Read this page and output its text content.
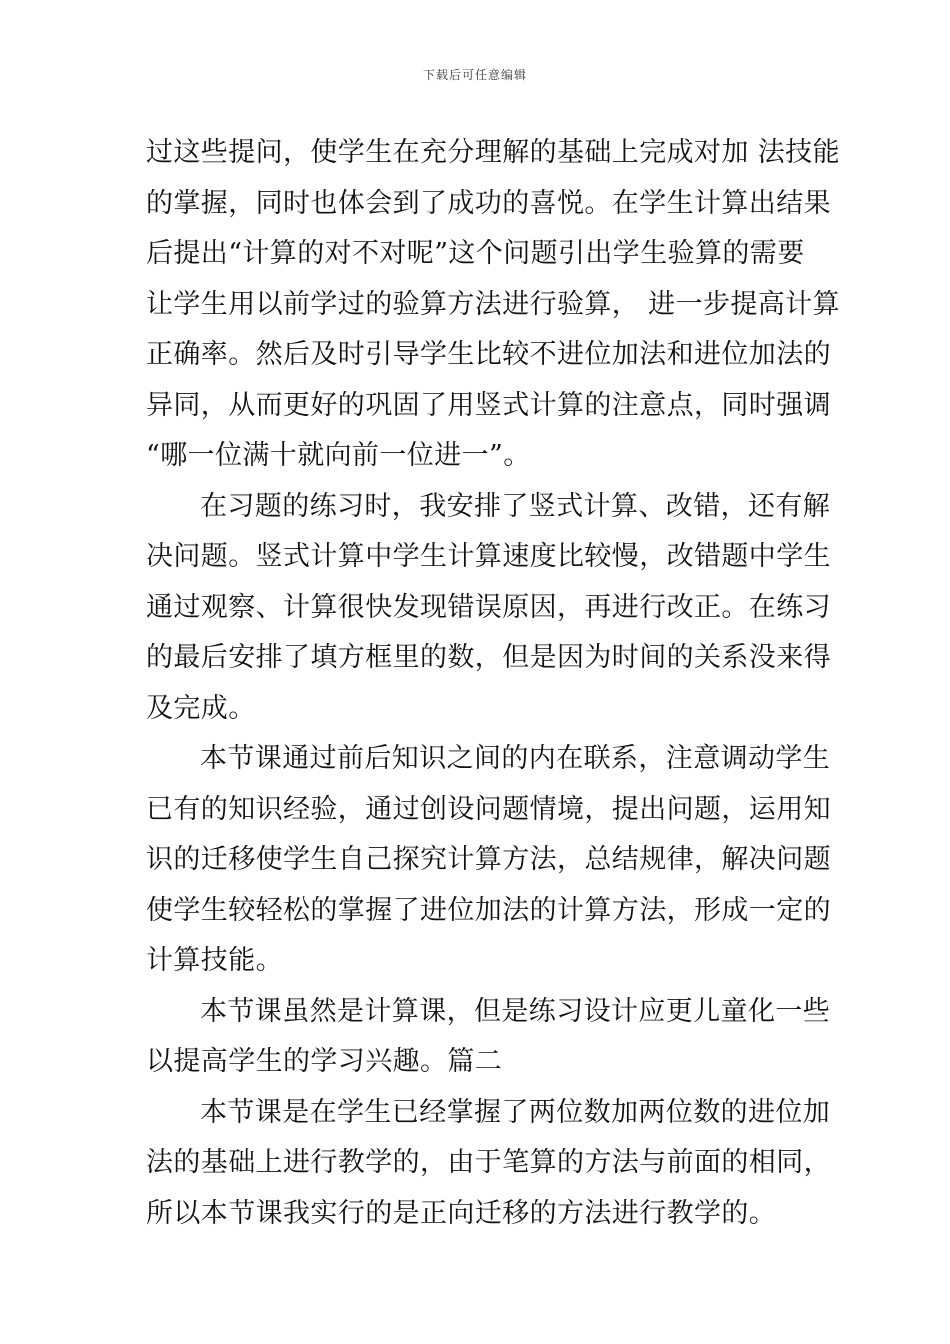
下载后可任意编辑
过这些提问，使学生在充分理解的基础上完成对加 法技能
的掌握，同时也体会到了成功的喜悦。在学生计算出结果
后提出“计算的对不对呢”这个问题引出学生验算的需要
让学生用以前学过的验算方法进行验算， 进一步提高计算
正确率。然后及时引导学生比较不进位加法和进位加法的
异同，从而更好的巩固了用竖式计算的注意点，同时强调
“哪一位满十就向前一位进一”。
在习题的练习时，我安排了竖式计算、改错，还有解
决问题。竖式计算中学生计算速度比较慢，改错题中学生
通过观察、计算很快发现错误原因，再进行改正。在练习
的最后安排了填方框里的数，但是因为时间的关系没来得
及完成。
本节课通过前后知识之间的内在联系，注意调动学生
已有的知识经验，通过创设问题情境，提出问题，运用知
识的迁移使学生自己探究计算方法，总结规律，解决问题
使学生较轻松的掌握了进位加法的计算方法，形成一定的
计算技能。
本节课虽然是计算课，但是练习设计应更儿童化一些
以提高学生的学习兴趣。篇二
本节课是在学生已经掌握了两位数加两位数的进位加
法的基础上进行教学的，由于笔算的方法与前面的相同，
所以本节课我实行的是正向迁移的方法进行教学的。
